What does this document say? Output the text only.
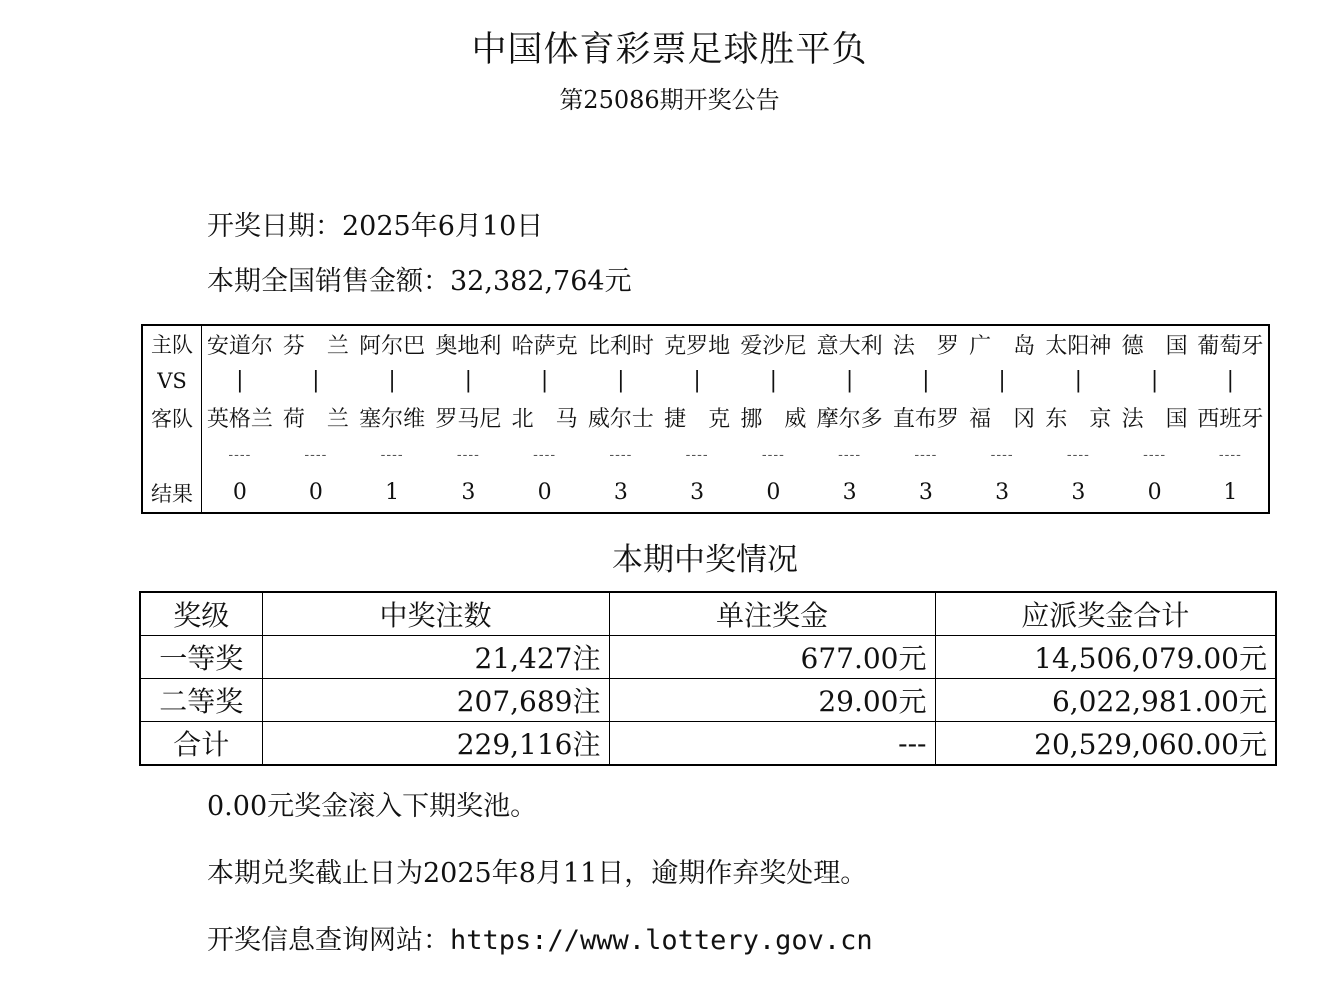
中国体育彩票足球胜平负
第25086期开奖公告
开奖日期：2025年6月10日
本期全国销售金额：32,382,764元
主队	安道尔	芬　兰	阿尔巴	奥地利	哈萨克	比利时	克罗地	爱沙尼	意大利	法　罗	广　岛	太阳神	德　国	葡萄牙
VS	|	|	|	|	|	|	|	|	|	|	|	|	|	|
客队	英格兰	荷　兰	塞尔维	罗马尼	北　马	威尔士	捷　克	挪　威	摩尔多	直布罗	福　冈	东　京	法　国	西班牙
	----	----	----	----	----	----	----	----	----	----	----	----	----	----
结果	0	0	1	3	0	3	3	0	3	3	3	3	0	1
本期中奖情况
奖级	中奖注数	单注奖金	应派奖金合计
一等奖	21,427注	677.00元	14,506,079.00元
二等奖	207,689注	29.00元	6,022,981.00元
合计	229,116注	---	20,529,060.00元
0.00元奖金滚入下期奖池。
本期兑奖截止日为2025年8月11日，逾期作弃奖处理。
开奖信息查询网站：https://www.lottery.gov.cn
